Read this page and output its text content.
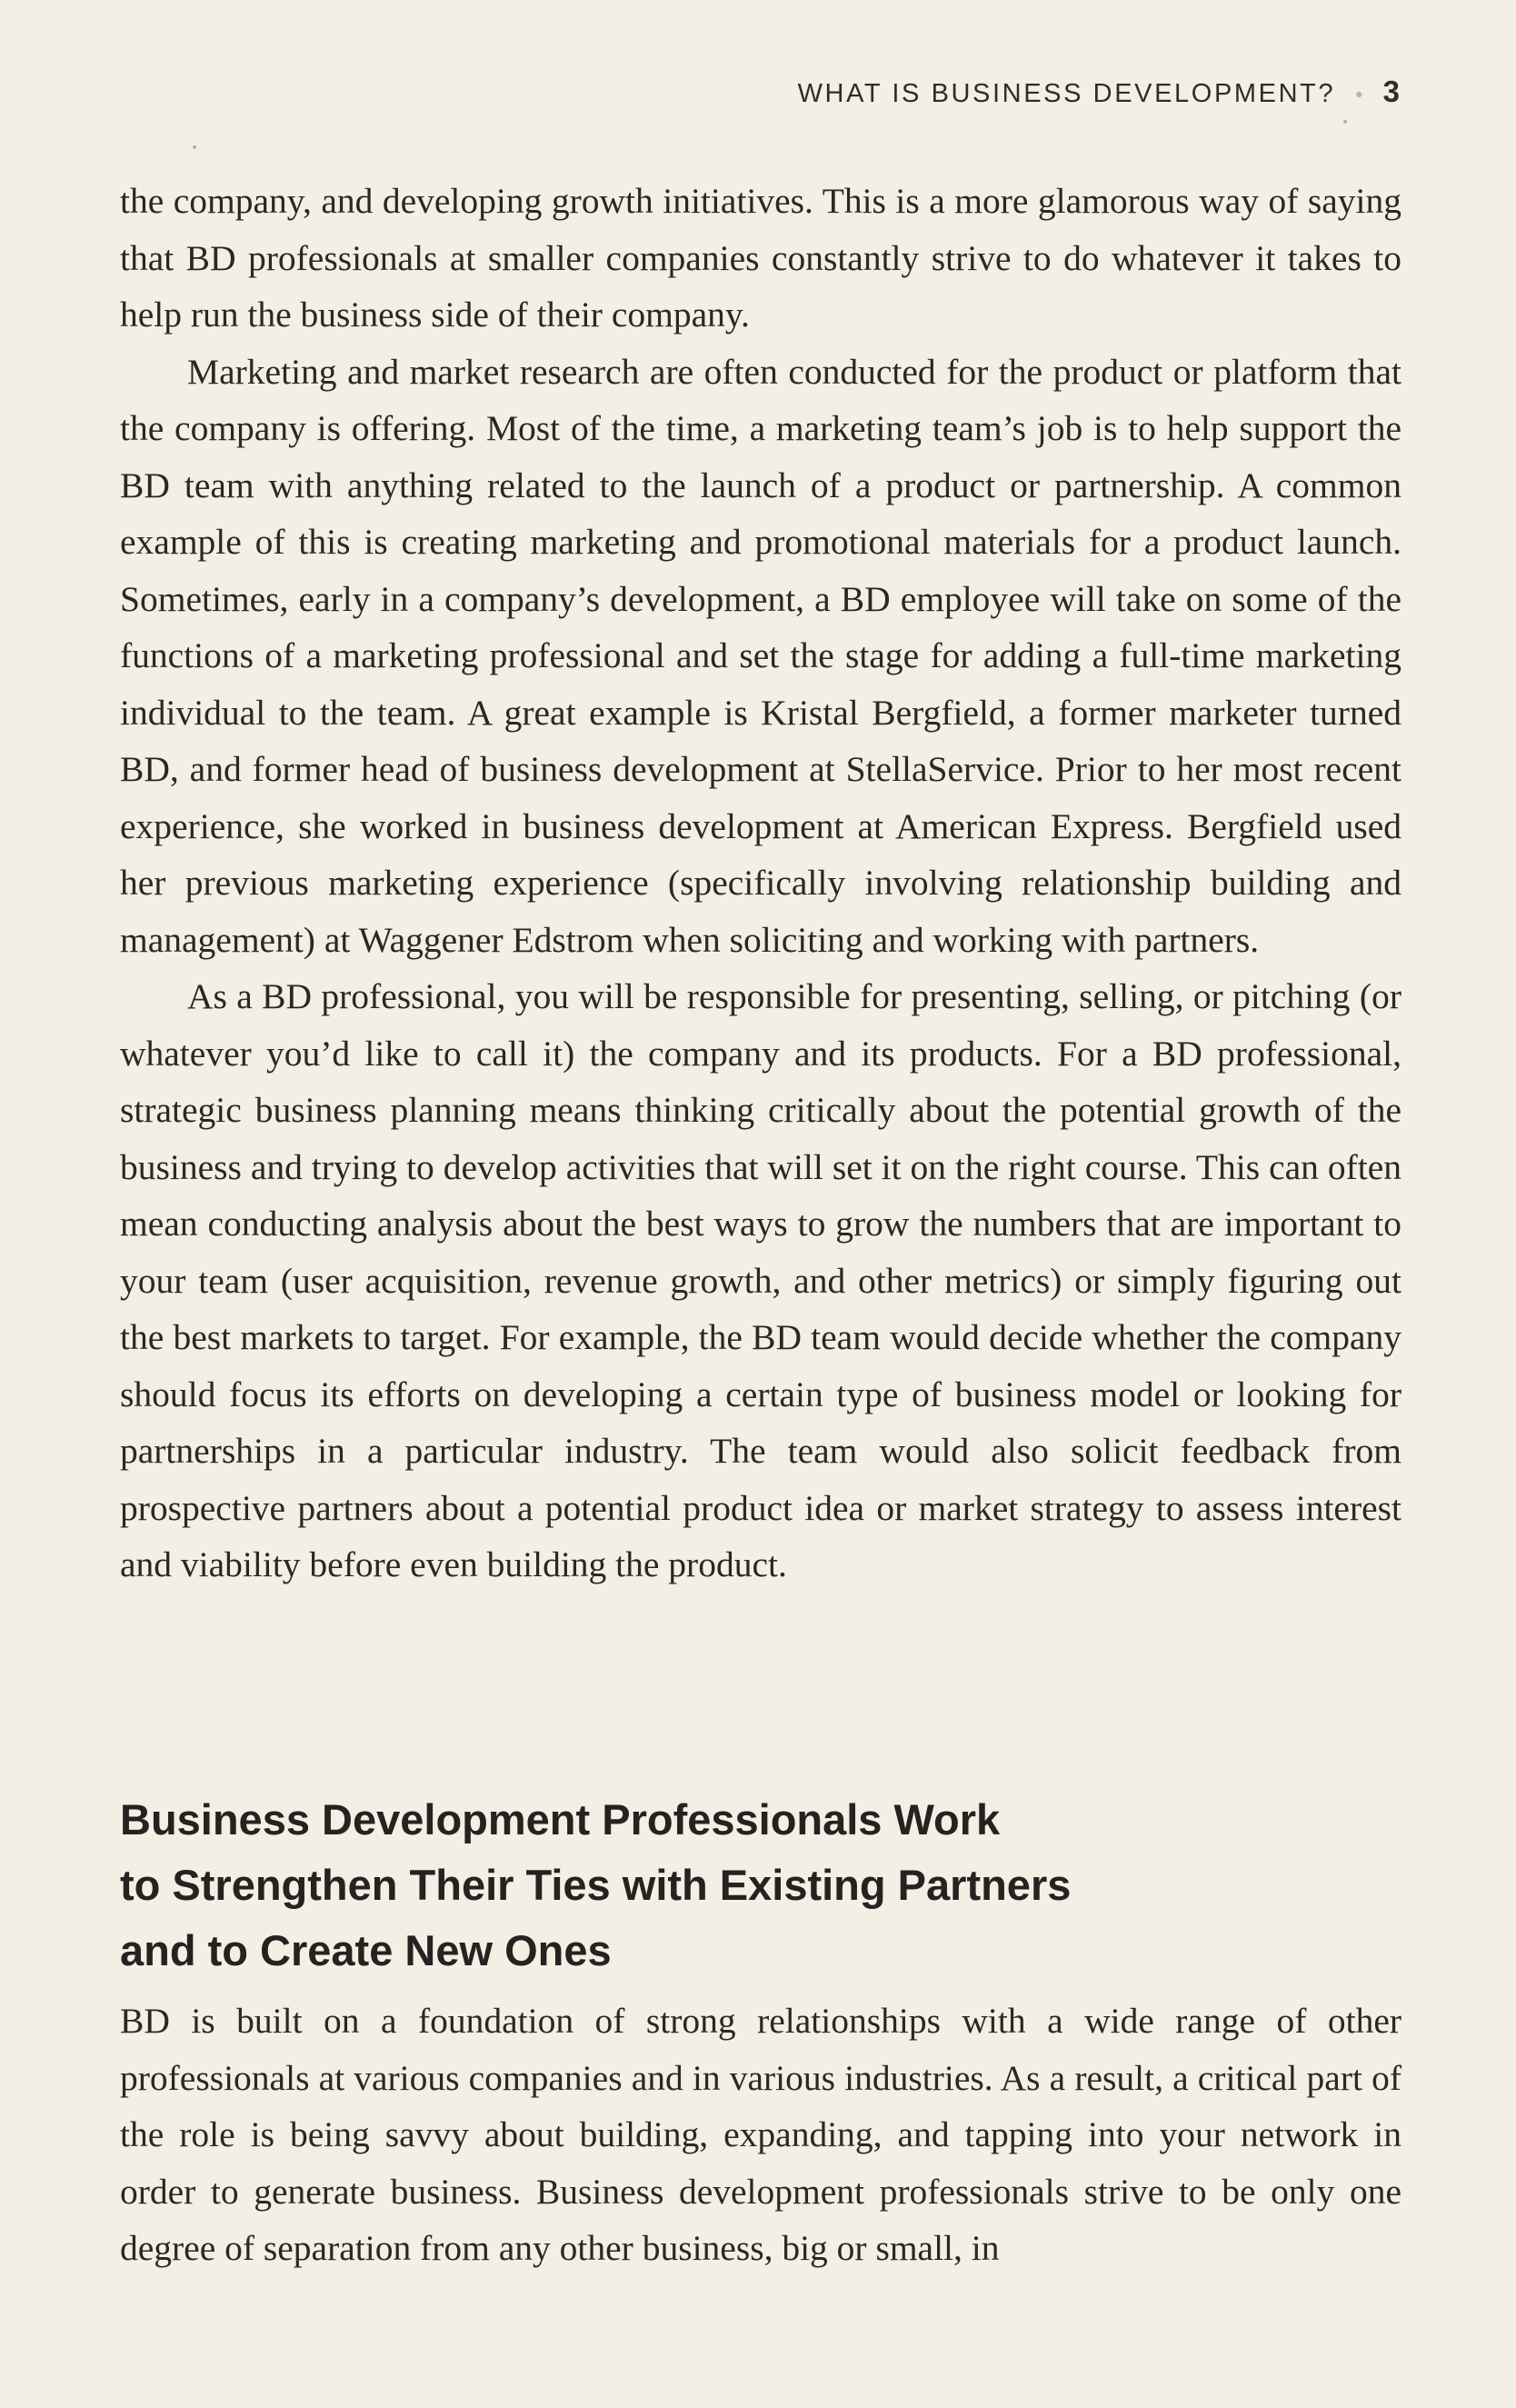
WHAT IS BUSINESS DEVELOPMENT? ● 3

the company, and developing growth initiatives. This is a more glamorous way of saying that BD professionals at smaller companies constantly strive to do whatever it takes to help run the business side of their company.

Marketing and market research are often conducted for the product or platform that the company is offering. Most of the time, a marketing team’s job is to help support the BD team with anything related to the launch of a product or partnership. A common example of this is creating marketing and promotional materials for a product launch. Sometimes, early in a company’s development, a BD employee will take on some of the functions of a marketing professional and set the stage for adding a full-time marketing individual to the team. A great example is Kristal Bergfield, a former marketer turned BD, and former head of business development at StellaService. Prior to her most recent experience, she worked in business development at American Express. Bergfield used her previous marketing experience (specifically involving relationship building and management) at Waggener Edstrom when soliciting and working with partners.

As a BD professional, you will be responsible for presenting, selling, or pitching (or whatever you’d like to call it) the company and its products. For a BD professional, strategic business planning means thinking critically about the potential growth of the business and trying to develop activities that will set it on the right course. This can often mean conducting analysis about the best ways to grow the numbers that are important to your team (user acquisition, revenue growth, and other metrics) or simply figuring out the best markets to target. For example, the BD team would decide whether the company should focus its efforts on developing a certain type of business model or looking for partnerships in a particular industry. The team would also solicit feedback from prospective partners about a potential product idea or market strategy to assess interest and viability before even building the product.

Business Development Professionals Work
to Strengthen Their Ties with Existing Partners
and to Create New Ones

BD is built on a foundation of strong relationships with a wide range of other professionals at various companies and in various industries. As a result, a critical part of the role is being savvy about building, expanding, and tapping into your network in order to generate business. Business development professionals strive to be only one degree of separation from any other business, big or small, in
